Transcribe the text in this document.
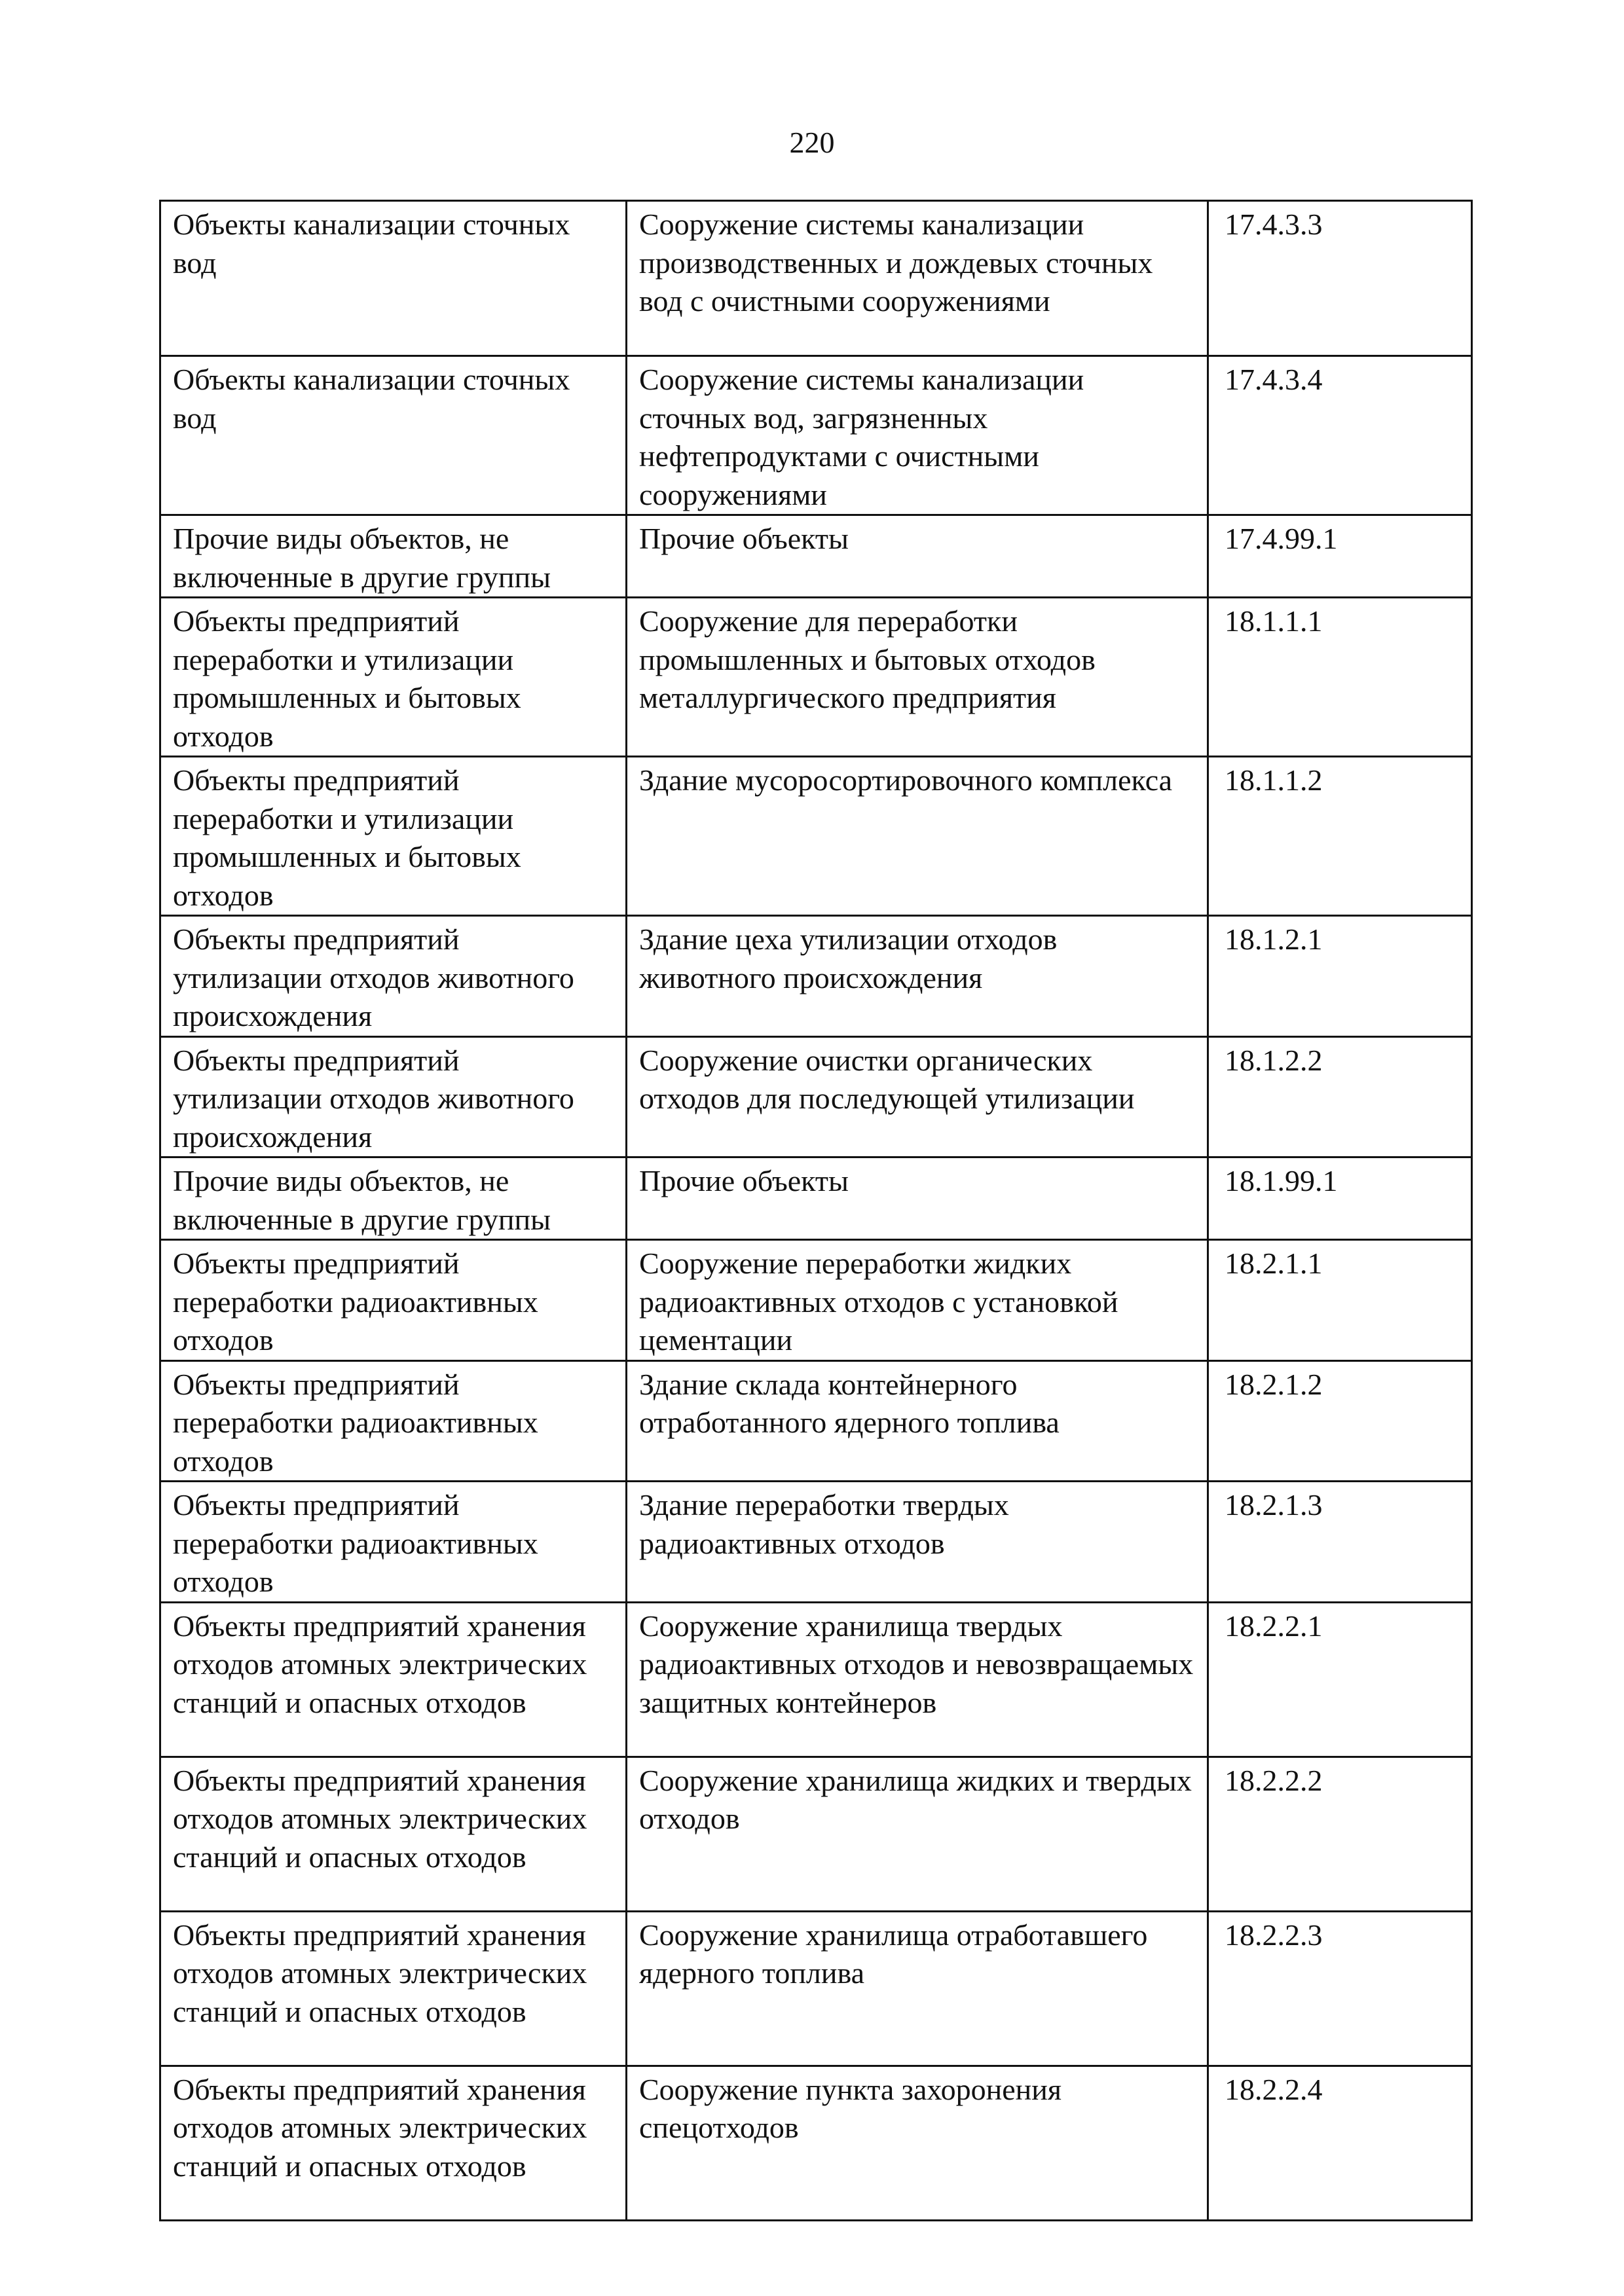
220
Объекты канализации сточных вод	Сооружение системы канализации производственных и дождевых сточных вод с очистными сооружениями	17.4.3.3
Объекты канализации сточных вод	Сооружение системы канализации сточных вод, загрязненных нефтепродуктами с очистными сооружениями	17.4.3.4
Прочие виды объектов, не включенные в другие группы	Прочие объекты	17.4.99.1
Объекты предприятий переработки и утилизации промышленных и бытовых отходов	Сооружение для переработки промышленных и бытовых отходов металлургического предприятия	18.1.1.1
Объекты предприятий переработки и утилизации промышленных и бытовых отходов	Здание мусоросортировочного комплекса	18.1.1.2
Объекты предприятий утилизации отходов животного происхождения	Здание цеха утилизации отходов животного происхождения	18.1.2.1
Объекты предприятий утилизации отходов животного происхождения	Сооружение очистки органических отходов для последующей утилизации	18.1.2.2
Прочие виды объектов, не включенные в другие группы	Прочие объекты	18.1.99.1
Объекты предприятий переработки радиоактивных отходов	Сооружение переработки жидких радиоактивных отходов с установкой цементации	18.2.1.1
Объекты предприятий переработки радиоактивных отходов	Здание склада контейнерного отработанного ядерного топлива	18.2.1.2
Объекты предприятий переработки радиоактивных отходов	Здание переработки твердых радиоактивных отходов	18.2.1.3
Объекты предприятий хранения отходов атомных электрических станций и опасных отходов	Сооружение хранилища твердых радиоактивных отходов и невозвращаемых защитных контейнеров	18.2.2.1
Объекты предприятий хранения отходов атомных электрических станций и опасных отходов	Сооружение хранилища жидких и твердых отходов	18.2.2.2
Объекты предприятий хранения отходов атомных электрических станций и опасных отходов	Сооружение хранилища отработавшего ядерного топлива	18.2.2.3
Объекты предприятий хранения отходов атомных электрических станций и опасных отходов	Сооружение пункта захоронения спецотходов	18.2.2.4
